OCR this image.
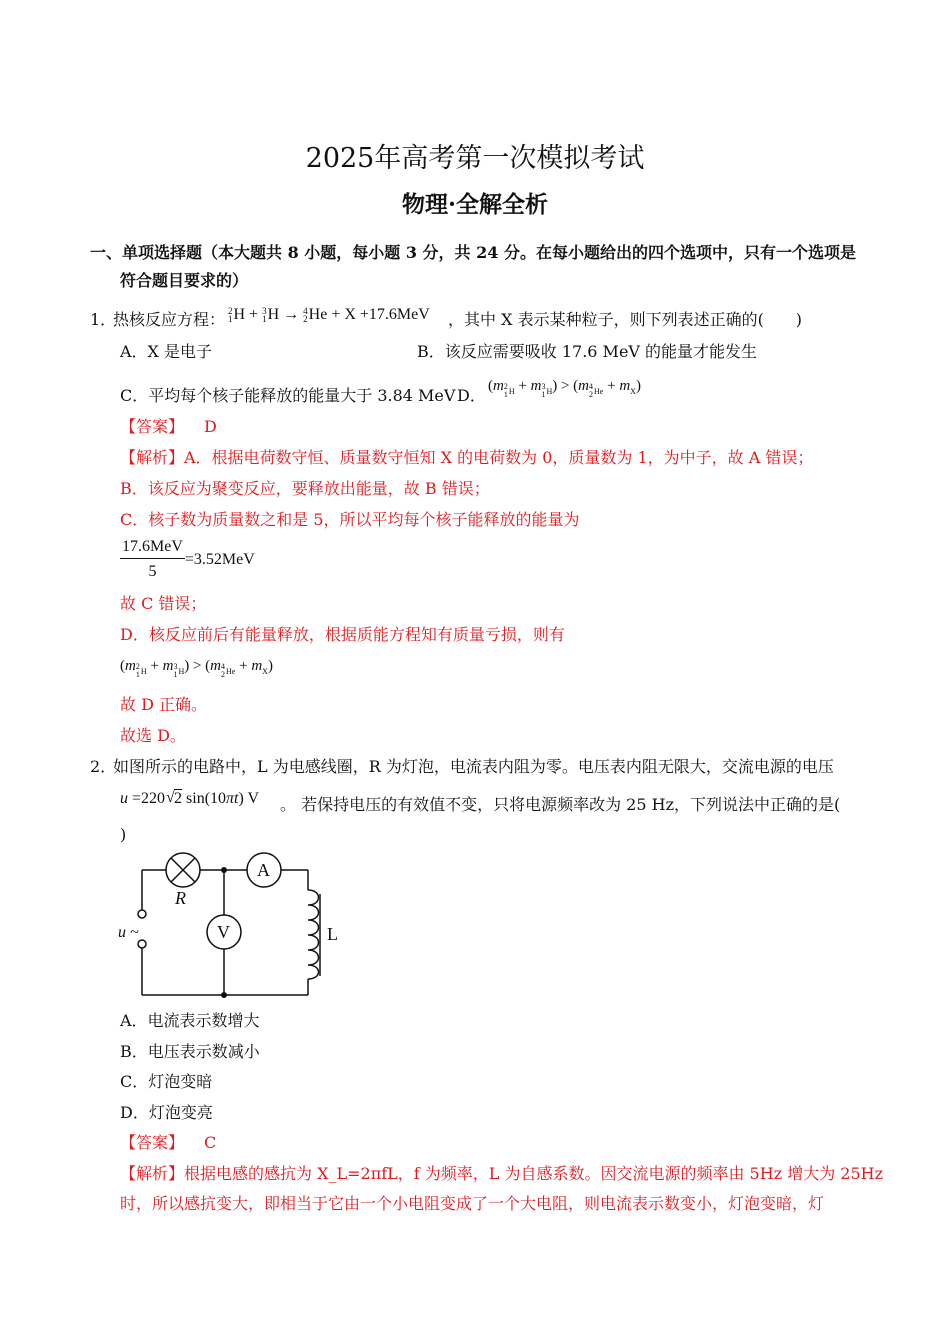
2025年高考第一次模拟考试
物理·全解全析
一、单项选择题（本大题共 8 小题，每小题 3 分，共 24 分。在每小题给出的四个选项中，只有一个选项是
符合题目要求的）
1．
热核反应方程： 2
1 H + 3
1 H → 4
2 He + X
+17.6MeV ，其中 X 表示某种粒子，则下列表述正确的(　　)
A．X 是电子	B．该反应需要吸收 17.6 MeV 的能量才能发生
C．平均每个核子能释放的能量大于 3.84 MeV D．
( m 2
1 H + m 3
1 H ) > ( m 4
2 He + m X )
【答案】 D
【解析】A．根据电荷数守恒、质量数守恒知 X 的电荷数为 0，质量数为 1，为中子，故 A 错误；
B．该反应为聚变反应，要释放出能量，故 B 错误；
C．核子数为质量数之和是 5，所以平均每个核子能释放的能量为
$\frac{\text{17.6MeV}}{5} =3.52MeV$
故 C 错误；
D．核反应前后有能量释放，根据质能方程知有质量亏损，则有
( m 2
1 H + m 3
1 H ) > ( m 4
2 He + m X )
故 D 正确。
故选 D。
2．
如图所示的电路中，L 为电感线圈，R 为灯泡，电流表内阻为零。电压表内阻无限大，交流电源的电压
u
=220 √ 2
sin(10 πt ) V 。 若保持电压的有效值不变，只将电源频率改为 25 Hz，下列说法中正确的是(
)
R
A
V	L
u ~
A．电流表示数增大
B．电压表示数减小
C．灯泡变暗
D．灯泡变亮
【答案】 C
【解析】根据电感的感抗为 X_L=2πfL，f 为频率，L 为自感系数。因交流电源的频率由 5Hz 增大为 25Hz
时，所以感抗变大，即相当于它由一个小电阻变成了一个大电阻，则电流表示数变小，灯泡变暗，灯
